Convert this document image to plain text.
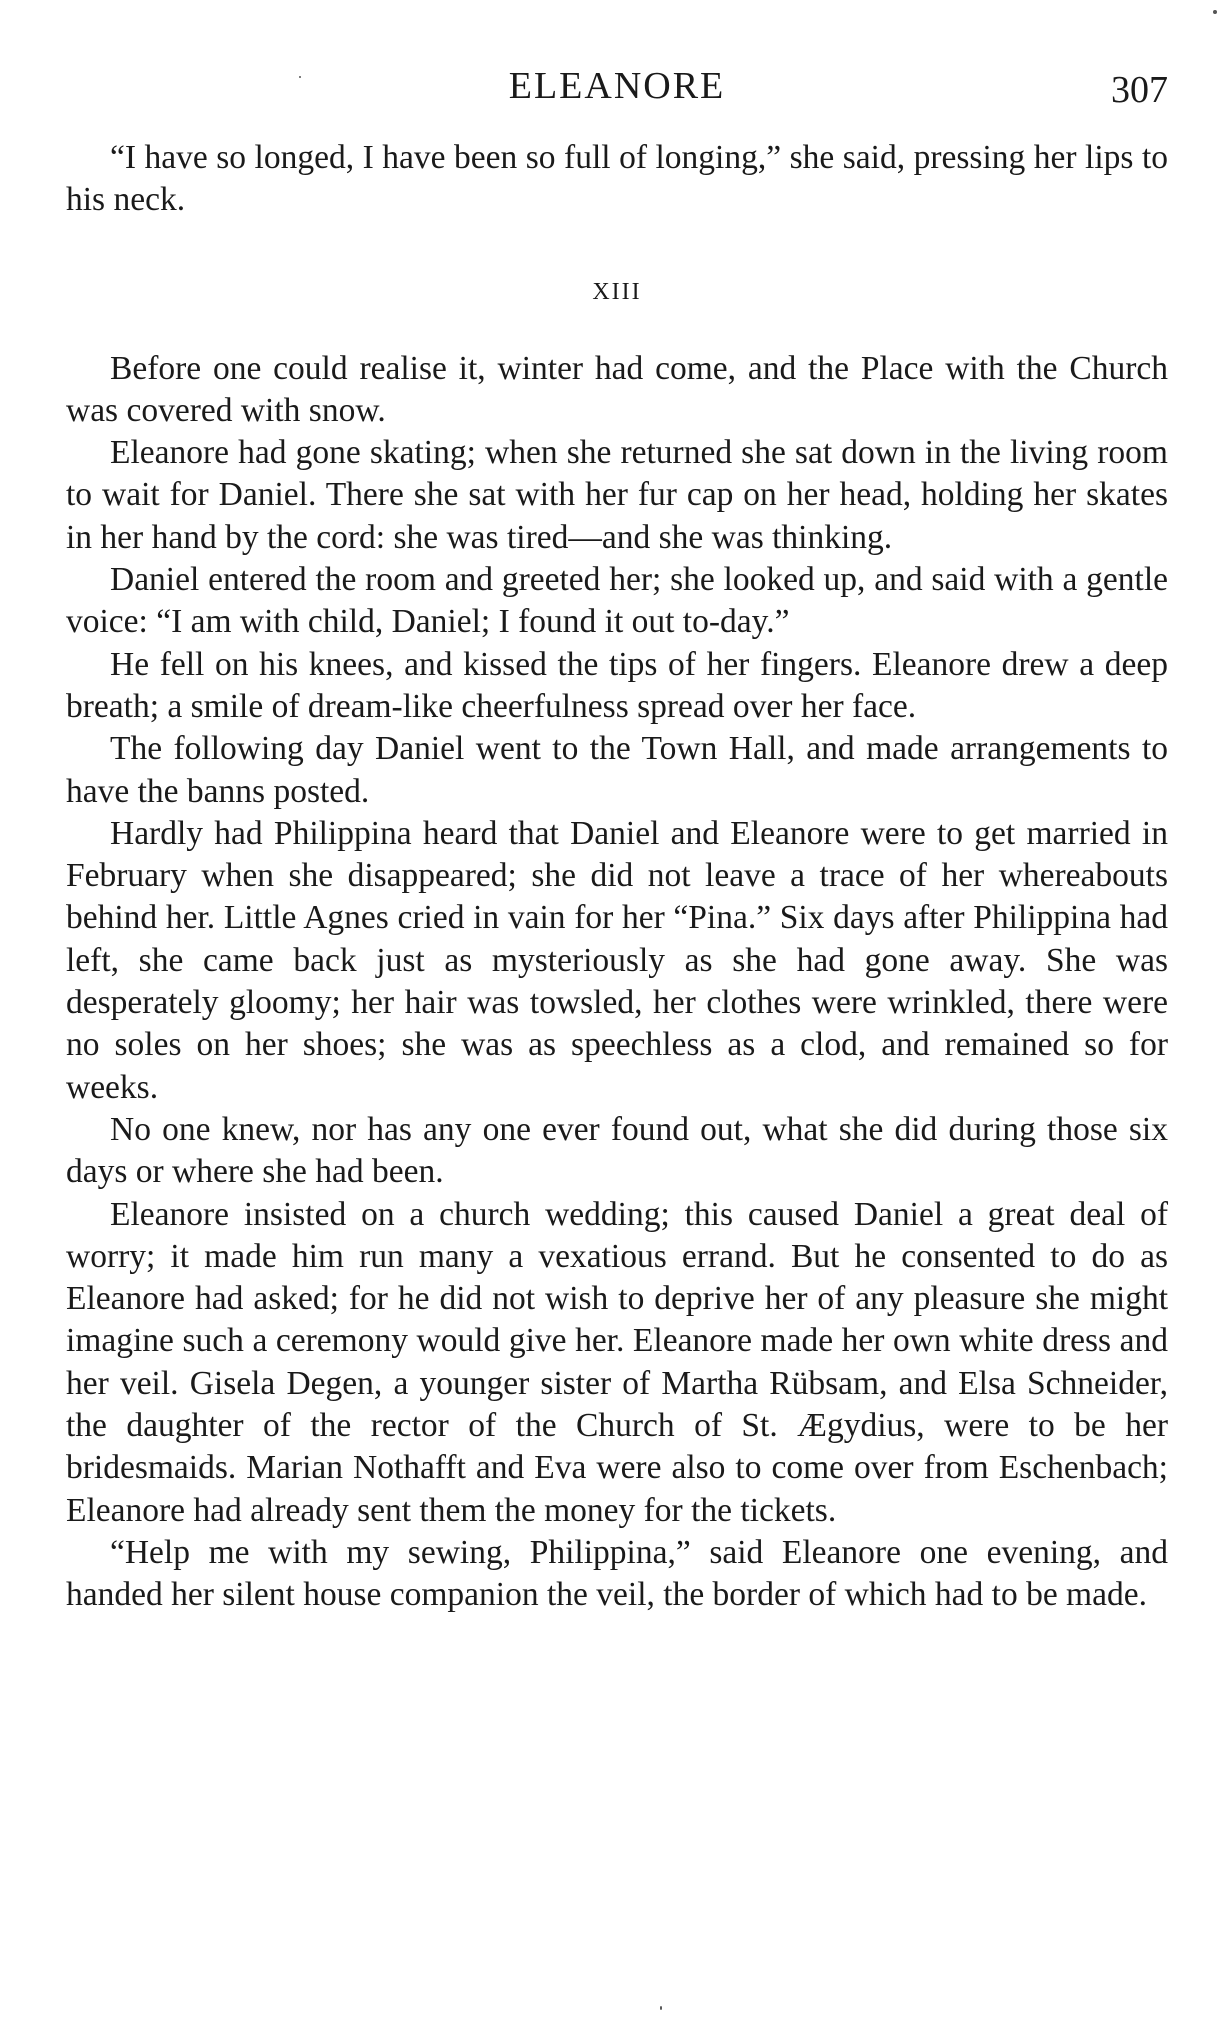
ELEANORE	307

“I have so longed, I have been so full of longing,” she said, pressing her lips to his neck.

XIII

Before one could realise it, winter had come, and the Place with the Church was covered with snow.

Eleanore had gone skating; when she returned she sat down in the living room to wait for Daniel. There she sat with her fur cap on her head, holding her skates in her hand by the cord: she was tired—and she was thinking.

Daniel entered the room and greeted her; she looked up, and said with a gentle voice: “I am with child, Daniel; I found it out to-day.”

He fell on his knees, and kissed the tips of her fingers. Eleanore drew a deep breath; a smile of dream-like cheerfulness spread over her face.

The following day Daniel went to the Town Hall, and made arrangements to have the banns posted.

Hardly had Philippina heard that Daniel and Eleanore were to get married in February when she disappeared; she did not leave a trace of her whereabouts behind her. Little Agnes cried in vain for her “Pina.” Six days after Philippina had left, she came back just as mysteriously as she had gone away. She was desperately gloomy; her hair was towsled, her clothes were wrinkled, there were no soles on her shoes; she was as speechless as a clod, and remained so for weeks.

No one knew, nor has any one ever found out, what she did during those six days or where she had been.

Eleanore insisted on a church wedding; this caused Daniel a great deal of worry; it made him run many a vexatious errand. But he consented to do as Eleanore had asked; for he did not wish to deprive her of any pleasure she might imagine such a ceremony would give her. Eleanore made her own white dress and her veil. Gisela Degen, a younger sister of Martha Rübsam, and Elsa Schneider, the daughter of the rector of the Church of St. Ægydius, were to be her bridesmaids. Marian Nothafft and Eva were also to come over from Eschenbach; Eleanore had already sent them the money for the tickets.

“Help me with my sewing, Philippina,” said Eleanore one evening, and handed her silent house companion the veil, the border of which had to be made.
